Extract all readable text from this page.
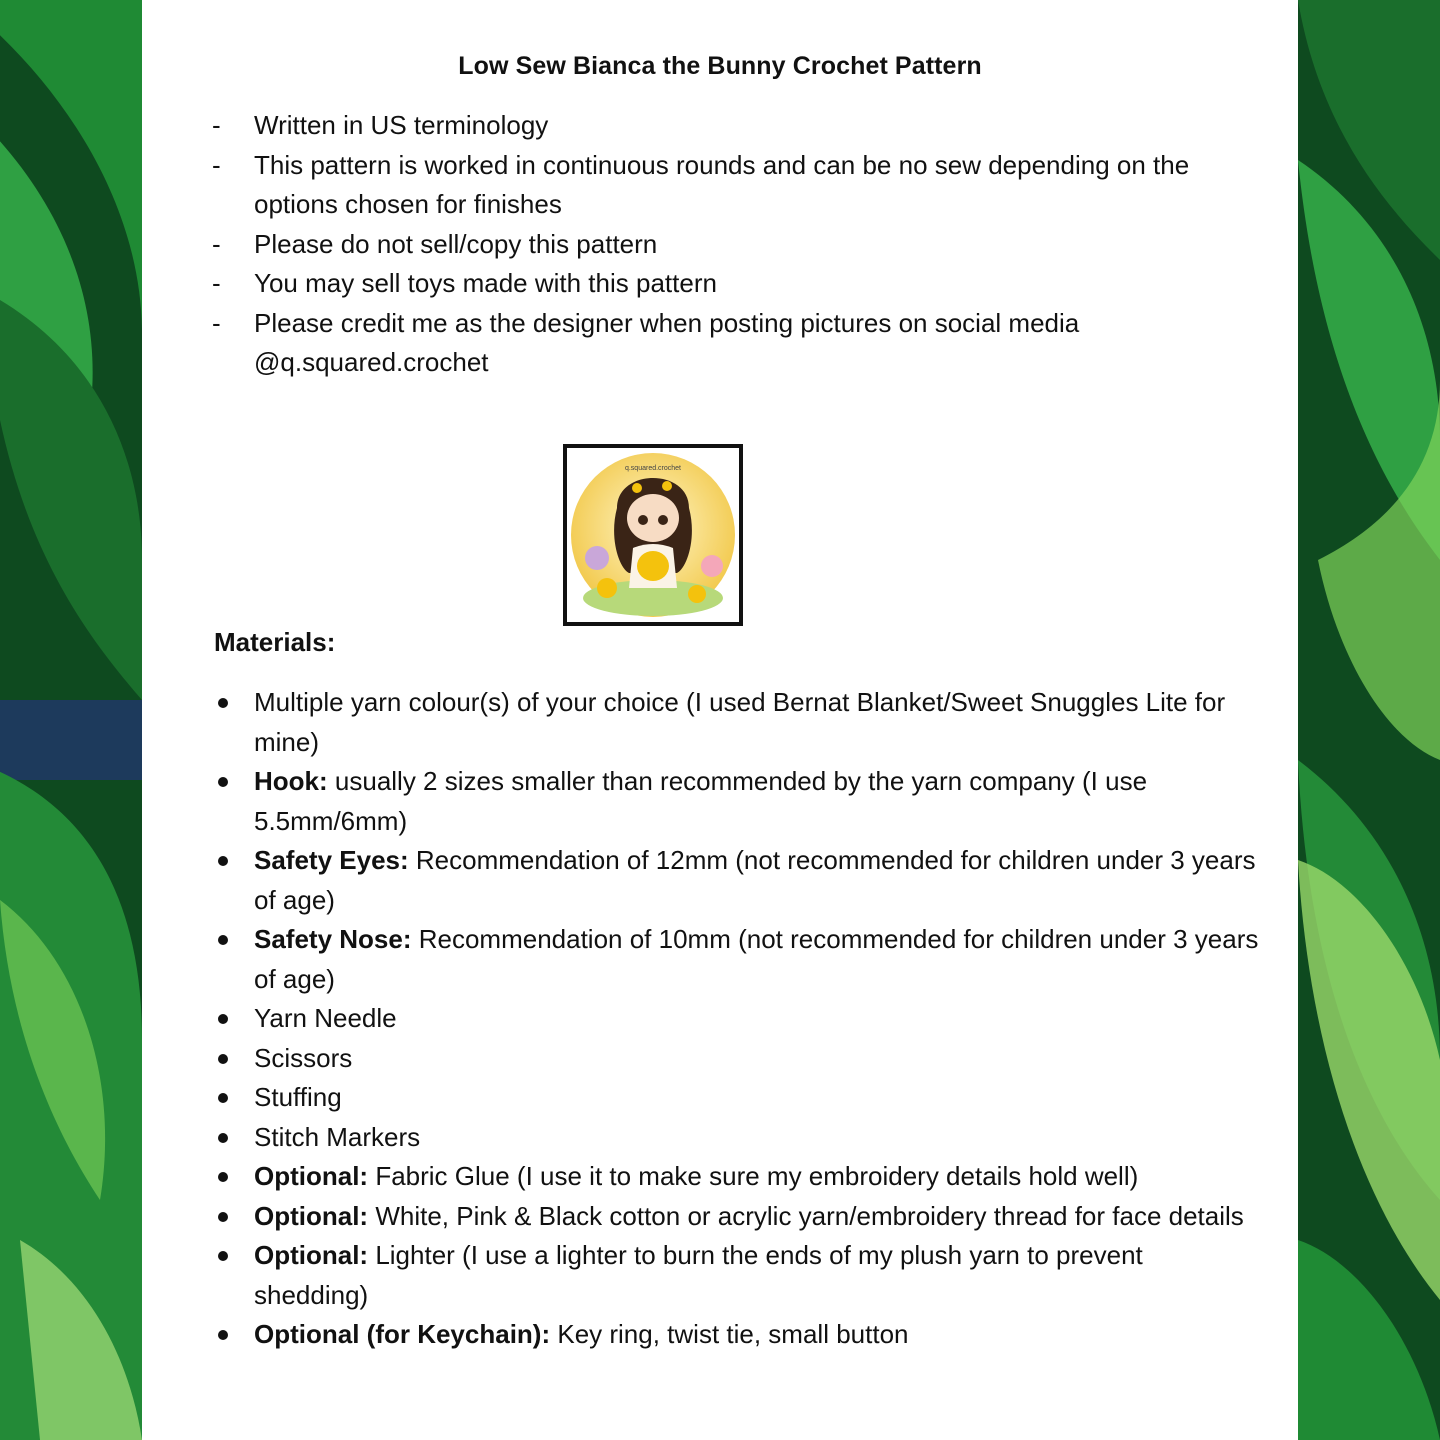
Low Sew Bianca the Bunny Crochet Pattern
- Written in US terminology
- This pattern is worked in continuous rounds and can be no sew depending on the options chosen for finishes
- Please do not sell/copy this pattern
- You may sell toys made with this pattern
- Please credit me as the designer when posting pictures on social media @q.squared.crochet
q.squared.crochet
Materials:
Multiple yarn colour(s) of your choice (I used Bernat Blanket/Sweet Snuggles Lite for mine)
Hook: usually 2 sizes smaller than recommended by the yarn company (I use 5.5mm/6mm)
Safety Eyes: Recommendation of 12mm (not recommended for children under 3 years of age)
Safety Nose: Recommendation of 10mm (not recommended for children under 3 years of age)
Yarn Needle
Scissors
Stuffing
Stitch Markers
Optional: Fabric Glue (I use it to make sure my embroidery details hold well)
Optional: White, Pink & Black cotton or acrylic yarn/embroidery thread for face details
Optional: Lighter (I use a lighter to burn the ends of my plush yarn to prevent shedding)
Optional (for Keychain): Key ring, twist tie, small button
